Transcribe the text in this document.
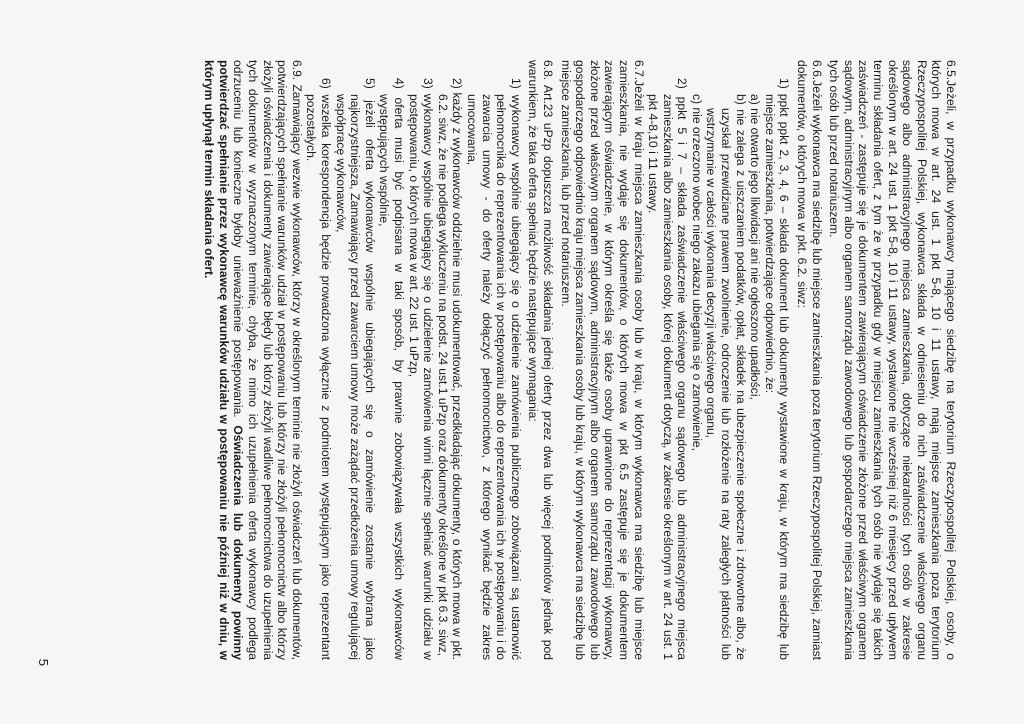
6.5.Jeżeli, w przypadku wykonawcy mającego siedzibę na terytorium Rzeczypospolitej Polskiej, osoby, o których mowa w art. 24 ust. 1 pkt 5-8, 10 i 11 ustawy, mają miejsce zamieszkania poza terytorium Rzeczypospolitej Polskiej, wykonawca składa w odniesieniu do nich zaświadczenie właściwego organu sądowego albo administracyjnego miejsca zamieszkania, dotyczące niekaralności tych osób w zakresie określonym w art. 24 ust. 1 pkt 5-8, 10 i 11 ustawy, wystawione nie wcześniej niż 6 miesięcy przed upływem terminu składania ofert, z tym że w przypadku gdy w miejscu zamieszkania tych osób nie wydaje się takich zaświadczeń - zastępuje się je dokumentem zawierającym oświadczenie złożone przed właściwym organem sądowym, administracyjnym albo organem samorządu zawodowego lub gospodarczego miejsca zamieszkania tych osób lub przed notariuszem.

6.6.Jeżeli wykonawca ma siedzibę lub miejsce zamieszkania poza terytorium Rzeczypospolitej Polskiej, zamiast dokumentów, o których mowa w pkt. 6.2. siwz:

1) ppkt ppkt 2, 3, 4, 6 – składa dokument lub dokumenty wystawione w kraju, w którym ma siedzibę lub miejsce zamieszkania, potwierdzające odpowiednio, że:

a) nie otwarto jego likwidacji ani nie ogłoszono upadłości,

b) nie zalega z uiszczaniem podatków, opłat, składek na ubezpieczenie społeczne i zdrowotne albo, że uzyskał przewidziane prawem zwolnienie, odroczenie lub rozłożenie na raty zaległych płatności lub wstrzymanie w całości wykonania decyzji właściwego organu,

c) nie orzeczono wobec niego zakazu ubiegania się o zamówienie,

2) ppkt 5 i 7 – składa zaświadczenie właściwego organu sądowego lub administracyjnego miejsca zamieszkania albo zamieszkania osoby, której dokument dotyczą, w zakresie określonym w art. 24 ust. 1 pkt 4-8,10 i 11 ustawy.

6.7.Jeżeli w kraju miejsca zamieszkania osoby lub w kraju, w którym wykonawca ma siedzibę lub miejsce zamieszkania, nie wydaje się dokumentów, o których mowa w pkt 6.5 zastępuje się je dokumentem zawierającym oświadczenie, w którym określa się także osoby uprawnione do reprezentacji wykonawcy, złożone przed właściwym organem sądowym, administracyjnym albo organem samorządu zawodowego lub gospodarczego odpowiednio kraju miejsca zamieszkania osoby lub kraju, w którym wykonawca ma siedzibę lub miejsce zamieszkania, lub przed notariuszem.

6.8. Art.23 uPzp dopuszcza możliwość składania jednej oferty przez dwa lub więcej podmiotów jednak pod warunkiem, że taka oferta spełniać będzie następujące wymagania:

1) wykonawcy wspólnie ubiegający się o udzielenie zamówienia publicznego zobowiązani są ustanowić pełnomocnika do reprezentowania ich w postępowaniu albo do reprezentowania ich w postępowaniu i do zawarcia umowy - do oferty należy dołączyć pełnomocnictwo, z którego wynikać będzie zakres umocowania,

2) każdy z wykonawców oddzielnie musi udokumentować, przedkładając dokumenty, o których mowa w pkt. 6.2. siwz, że nie podlega wykluczeniu na podst. 24 ust.1 uPzp oraz dokumenty określone w pkt 6.3. siwz,

3) wykonawcy wspólnie ubiegający się o udzielenie zamówienia winni łącznie spełniać warunki udziału w postępowaniu, o których mowa w art. 22 ust. 1 uPzp,

4) oferta musi być podpisana w taki sposób, by prawnie zobowiązywała wszystkich wykonawców występujących wspólnie,

5) jeżeli oferta wykonawców wspólnie ubiegających się o zamówienie zostanie wybrana jako najkorzystniejsza, Zamawiający przed zawarciem umowy może zażądać przedłożenia umowy regulującej współpracę wykonawców,

6) wszelka korespondencja będzie prowadzona wyłącznie z podmiotem występującym jako reprezentant pozostałych.

6.9. Zamawiający wezwie wykonawców, którzy w określonym terminie nie złożyli oświadczeń lub dokumentów, potwierdzających spełnianie warunków udział w postępowaniu lub którzy nie złożyli pełnomocnictw albo którzy złożyli oświadczenia i dokumenty zawierające błędy lub którzy złożyli wadliwe pełnomocnictwa do uzupełnienia tych dokumentów w wyznaczonym terminie, chyba, że mimo ich uzupełnienia oferta wykonawcy podlega odrzuceniu lub konieczne byłoby unieważnienie postępowania. Oświadczenia lub dokumenty powinny potwierdzać spełnianie przez wykonawcę warunków udziału w postępowaniu nie później niż w dniu, w którym upłynął termin składania ofert.

5
